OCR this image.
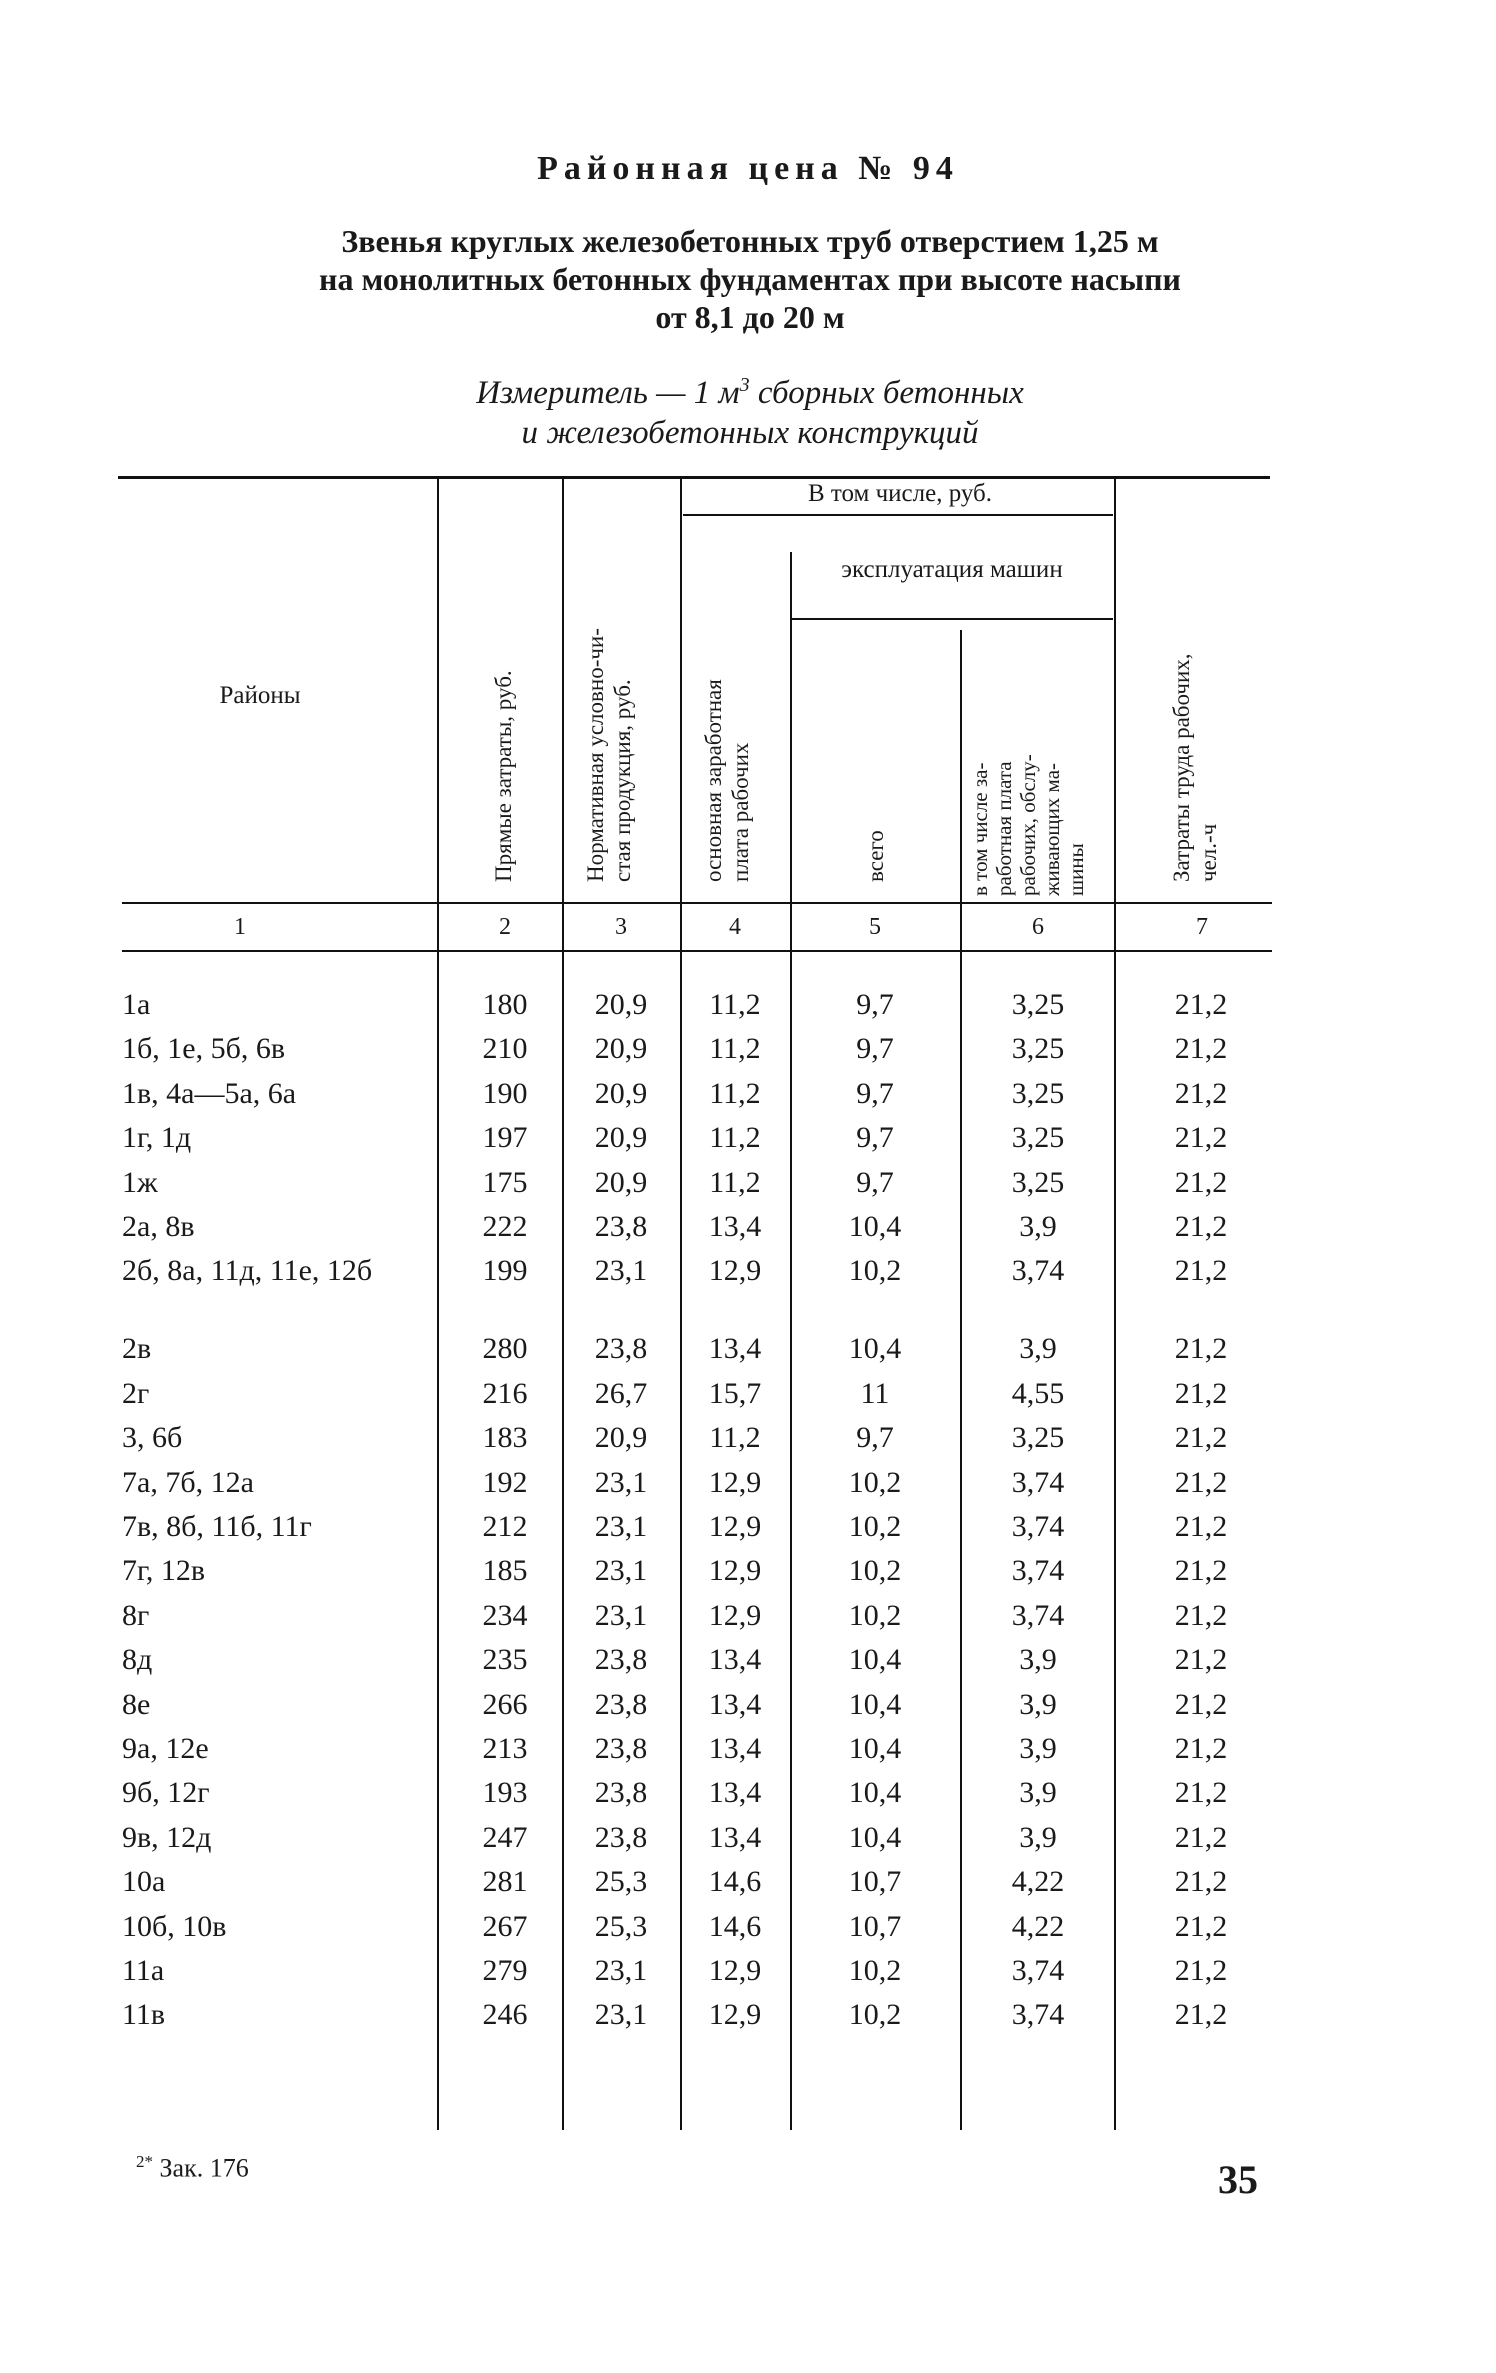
Районная цена № 94
Звенья круглых железобетонных труб отверстием 1,25 м
на монолитных бетонных фундаментах при высоте насыпи
от 8,1 до 20 м
Измеритель — 1 $м^3$ сборных бетонных
и железобетонных конструкций
Районы
В том числе, руб.
эксплуатация машин
Прямые затраты, руб.	Нормативная условно-чи- стая продукция, руб.	основная заработная плата рабочих	всего	в том числе за- работная плата рабочих, обслу- живающих ма- шины	Затраты труда рабочих, чел.-ч
1	2	3	4	5	6	7
1а	180	20,9	11,2	9,7	3,25	21,2
1б, 1е, 5б, 6в	210	20,9	11,2	9,7	3,25	21,2
1в, 4а—5а, 6а	190	20,9	11,2	9,7	3,25	21,2
1г, 1д	197	20,9	11,2	9,7	3,25	21,2
1ж	175	20,9	11,2	9,7	3,25	21,2
2а, 8в	222	23,8	13,4	10,4	3,9	21,2
2б, 8а, 11д, 11е, 12б	199	23,1	12,9	10,2	3,74	21,2
2в	280	23,8	13,4	10,4	3,9	21,2
2г	216	26,7	15,7	11	4,55	21,2
3, 6б	183	20,9	11,2	9,7	3,25	21,2
7а, 7б, 12а	192	23,1	12,9	10,2	3,74	21,2
7в, 8б, 11б, 11г	212	23,1	12,9	10,2	3,74	21,2
7г, 12в	185	23,1	12,9	10,2	3,74	21,2
8г	234	23,1	12,9	10,2	3,74	21,2
8д	235	23,8	13,4	10,4	3,9	21,2
8е	266	23,8	13,4	10,4	3,9	21,2
9а, 12е	213	23,8	13,4	10,4	3,9	21,2
9б, 12г	193	23,8	13,4	10,4	3,9	21,2
9в, 12д	247	23,8	13,4	10,4	3,9	21,2
10а	281	25,3	14,6	10,7	4,22	21,2
10б, 10в	267	25,3	14,6	10,7	4,22	21,2
11а	279	23,1	12,9	10,2	3,74	21,2
11в	246	23,1	12,9	10,2	3,74	21,2
$^{2*}$ Зак. 176	35
